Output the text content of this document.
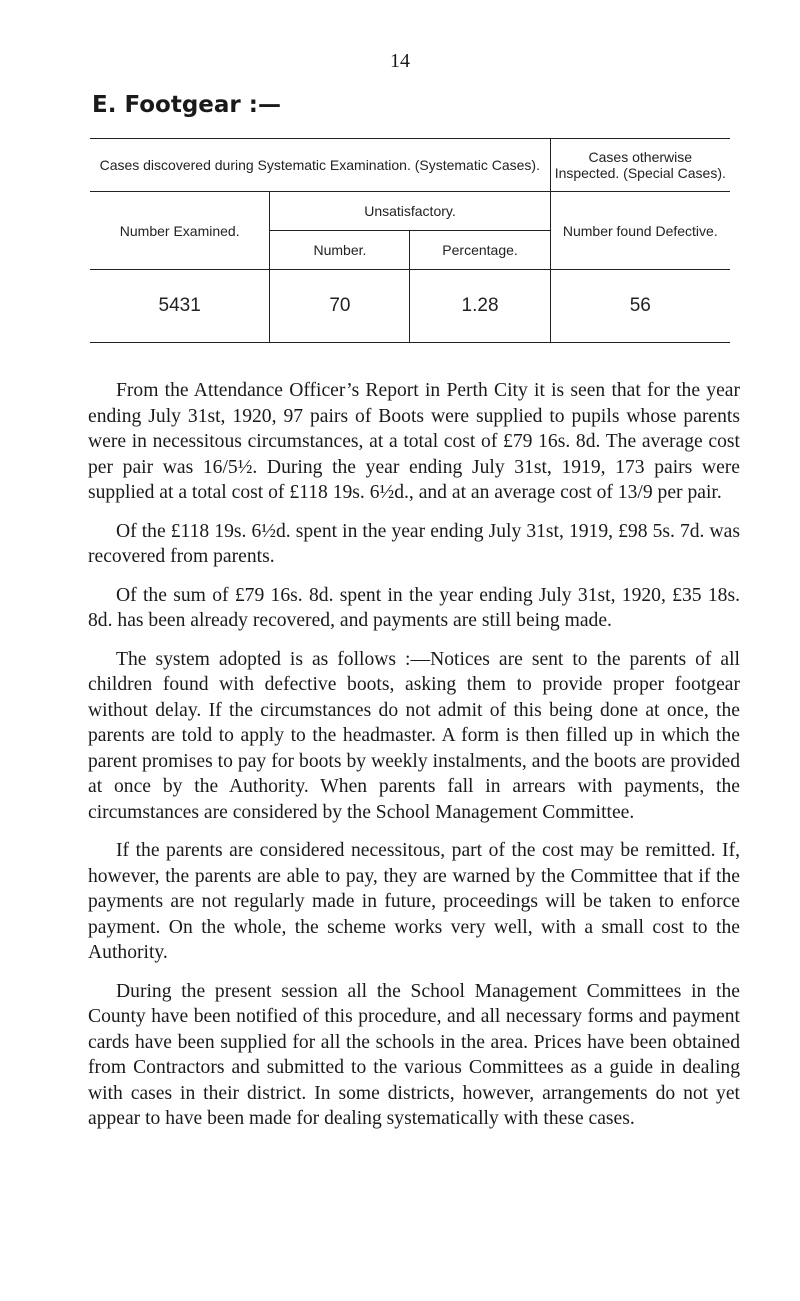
14
E. Footgear :—
Cases discovered during Systematic Examination. (Systematic Cases).			Cases otherwise Inspected. (Special Cases).
Number Examined.	Unsatisfactory.		Number found Defective.
	Number.	Percentage.	
5431	70	1.28	56

From the Attendance Officer’s Report in Perth City it is seen that for the year ending July 31st, 1920, 97 pairs of Boots were supplied to pupils whose parents were in necessitous circumstances, at a total cost of £79 16s. 8d. The average cost per pair was 16/5½. During the year ending July 31st, 1919, 173 pairs were supplied at a total cost of £118 19s. 6½d., and at an average cost of 13/9 per pair.

Of the £118 19s. 6½d. spent in the year ending July 31st, 1919, £98 5s. 7d. was recovered from parents.

Of the sum of £79 16s. 8d. spent in the year ending July 31st, 1920, £35 18s. 8d. has been already recovered, and payments are still being made.

The system adopted is as follows :—Notices are sent to the parents of all children found with defective boots, asking them to provide proper footgear without delay. If the circumstances do not admit of this being done at once, the parents are told to apply to the headmaster. A form is then filled up in which the parent promises to pay for boots by weekly instalments, and the boots are provided at once by the Authority. When parents fall in arrears with payments, the circumstances are considered by the School Management Committee.

If the parents are considered necessitous, part of the cost may be remitted. If, however, the parents are able to pay, they are warned by the Committee that if the payments are not regularly made in future, proceedings will be taken to enforce payment. On the whole, the scheme works very well, with a small cost to the Authority.

During the present session all the School Management Committees in the County have been notified of this procedure, and all necessary forms and payment cards have been supplied for all the schools in the area. Prices have been obtained from Contractors and submitted to the various Committees as a guide in dealing with cases in their district. In some districts, however, arrangements do not yet appear to have been made for dealing systematically with these cases.
